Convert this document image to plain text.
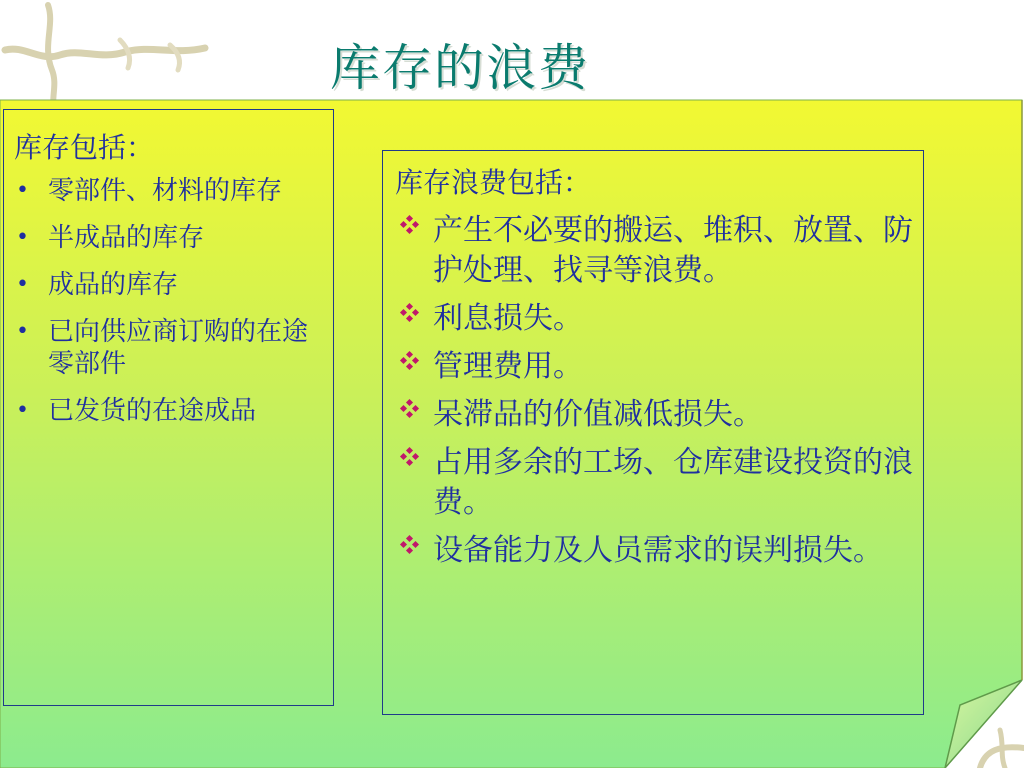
库存的浪费
库存包括：
• 零部件、材料的库存
• 半成品的库存
• 成品的库存
• 已向供应商订购的在途零部件
• 已发货的在途成品
库存浪费包括：
产生不必要的搬运、堆积、放置、防护处理、找寻等浪费。
利息损失。
管理费用。
呆滞品的价值减低损失。
占用多余的工场、仓库建设投资的浪费。
设备能力及人员需求的误判损失。
